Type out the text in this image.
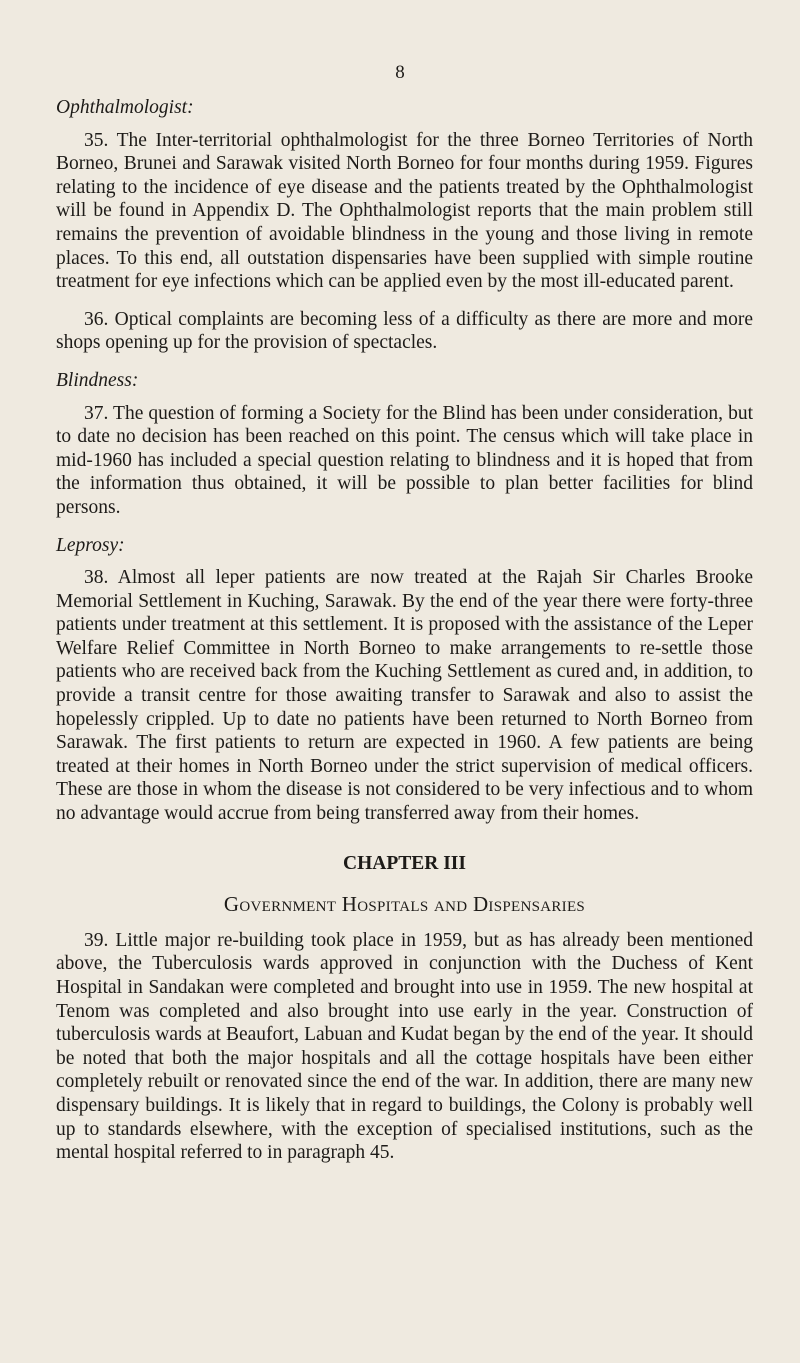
8
Ophthalmologist:

35. The Inter-territorial ophthalmologist for the three Borneo Territories of North Borneo, Brunei and Sarawak visited North Borneo for four months during 1959. Figures relating to the incidence of eye disease and the patients treated by the Ophthalmologist will be found in Appendix D. The Ophthalmologist reports that the main problem still remains the prevention of avoidable blindness in the young and those living in remote places. To this end, all outstation dispensaries have been supplied with simple routine treatment for eye infections which can be applied even by the most ill-educated parent.

36. Optical complaints are becoming less of a difficulty as there are more and more shops opening up for the provision of spectacles.

Blindness:

37. The question of forming a Society for the Blind has been under consideration, but to date no decision has been reached on this point. The census which will take place in mid-1960 has included a special question relating to blindness and it is hoped that from the information thus obtained, it will be possible to plan better facilities for blind persons.

Leprosy:

38. Almost all leper patients are now treated at the Rajah Sir Charles Brooke Memorial Settlement in Kuching, Sarawak. By the end of the year there were forty-three patients under treatment at this settlement. It is proposed with the assistance of the Leper Welfare Relief Committee in North Borneo to make arrangements to re-settle those patients who are received back from the Kuching Settlement as cured and, in addition, to provide a transit centre for those awaiting transfer to Sarawak and also to assist the hopelessly crippled. Up to date no patients have been returned to North Borneo from Sarawak. The first patients to return are expected in 1960. A few patients are being treated at their homes in North Borneo under the strict supervision of medical officers. These are those in whom the disease is not considered to be very infectious and to whom no advantage would accrue from being transferred away from their homes.

CHAPTER III
Government Hospitals and Dispensaries

39. Little major re-building took place in 1959, but as has already been mentioned above, the Tuberculosis wards approved in conjunction with the Duchess of Kent Hospital in Sandakan were completed and brought into use in 1959. The new hospital at Tenom was completed and also brought into use early in the year. Construction of tuberculosis wards at Beaufort, Labuan and Kudat began by the end of the year. It should be noted that both the major hospitals and all the cottage hospitals have been either completely rebuilt or renovated since the end of the war. In addition, there are many new dispensary buildings. It is likely that in regard to buildings, the Colony is probably well up to standards elsewhere, with the exception of specialised institutions, such as the mental hospital referred to in paragraph 45.
